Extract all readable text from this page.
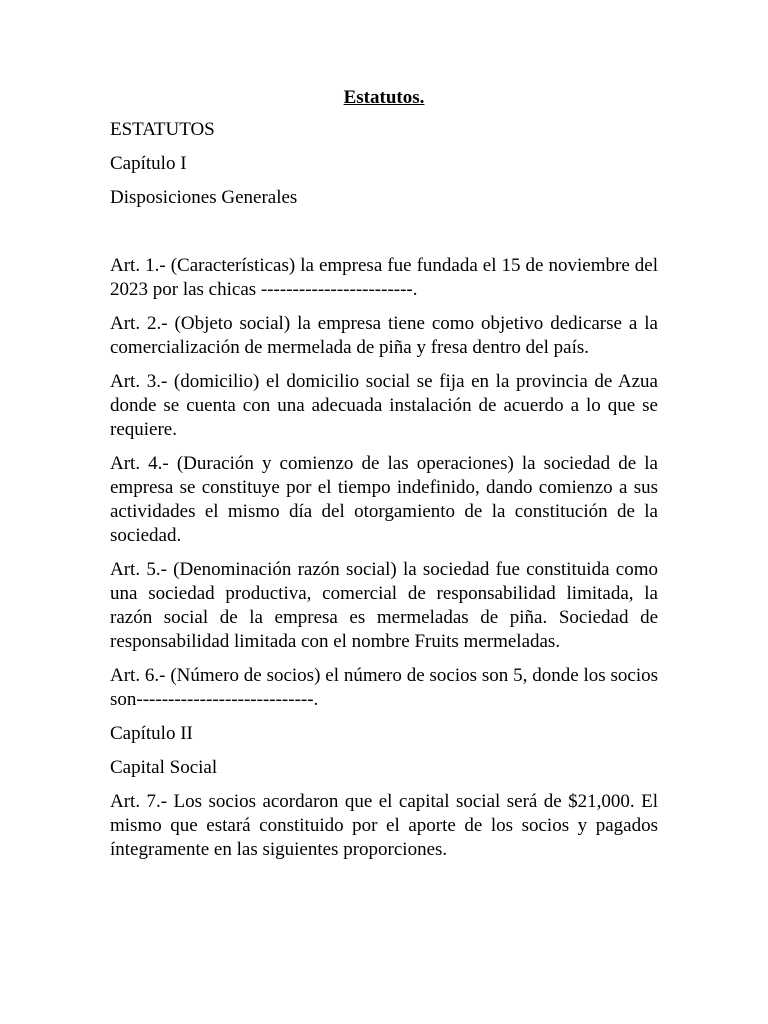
Estatutos.
ESTATUTOS
Capítulo I
Disposiciones Generales

Art. 1.- (Características) la empresa fue fundada el 15 de noviembre del 2023 por las chicas ------------------------.

Art. 2.- (Objeto social) la empresa tiene como objetivo dedicarse a la comercialización de mermelada de piña y fresa dentro del país.

Art. 3.- (domicilio) el domicilio social se fija en la provincia de Azua donde se cuenta con una adecuada instalación de acuerdo a lo que se requiere.

Art. 4.- (Duración y comienzo de las operaciones) la sociedad de la empresa se constituye por el tiempo indefinido, dando comienzo a sus actividades el mismo día del otorgamiento de la constitución de la sociedad.

Art. 5.- (Denominación razón social) la sociedad fue constituida como una sociedad productiva, comercial de responsabilidad limitada, la razón social de la empresa es mermeladas de piña. Sociedad de responsabilidad limitada con el nombre Fruits mermeladas.

Art. 6.- (Número de socios) el número de socios son 5, donde los socios son----------------------------.

Capítulo II
Capital Social

Art. 7.- Los socios acordaron que el capital social será de $21,000. El mismo que estará constituido por el aporte de los socios y pagados íntegramente en las siguientes proporciones.
